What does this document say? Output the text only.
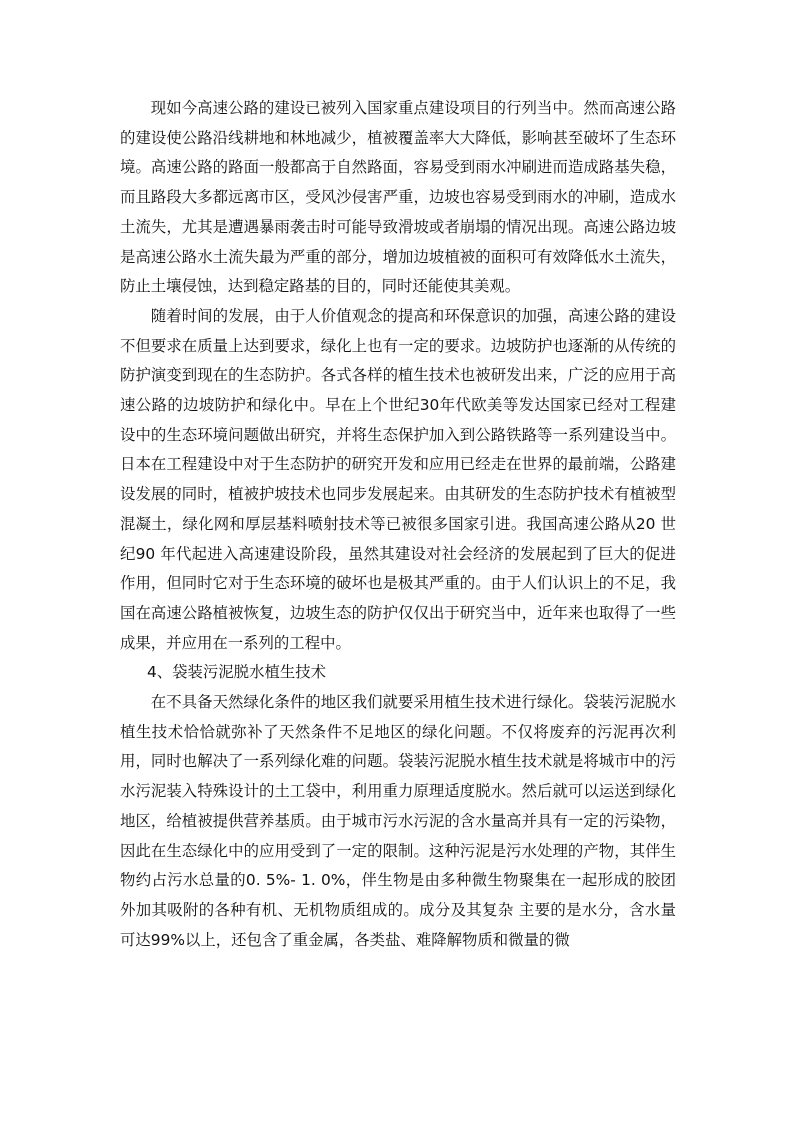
现如今高速公路的建设已被列入国家重点建设项目的行列当中。然而高速公路的建设使公路沿线耕地和林地减少，植被覆盖率大大降低，影响甚至破坏了生态环境。高速公路的路面一般都高于自然路面，容易受到雨水冲刷进而造成路基失稳，而且路段大多都远离市区，受风沙侵害严重，边坡也容易受到雨水的冲刷，造成水土流失，尤其是遭遇暴雨袭击时可能导致滑坡或者崩塌的情况出现。高速公路边坡是高速公路水土流失最为严重的部分，增加边坡植被的面积可有效降低水土流失，防止土壤侵蚀，达到稳定路基的目的，同时还能使其美观。

随着时间的发展，由于人价值观念的提高和环保意识的加强，高速公路的建设不但要求在质量上达到要求，绿化上也有一定的要求。边坡防护也逐渐的从传统的防护演变到现在的生态防护。各式各样的植生技术也被研发出来，广泛的应用于高速公路的边坡防护和绿化中。早在上个世纪30年代欧美等发达国家已经对工程建设中的生态环境问题做出研究，并将生态保护加入到公路铁路等一系列建设当中。日本在工程建设中对于生态防护的研究开发和应用已经走在世界的最前端，公路建设发展的同时，植被护坡技术也同步发展起来。由其研发的生态防护技术有植被型混凝土，绿化网和厚层基料喷射技术等已被很多国家引进。我国高速公路从20 世纪90 年代起进入高速建设阶段，虽然其建设对社会经济的发展起到了巨大的促进作用，但同时它对于生态环境的破坏也是极其严重的。由于人们认识上的不足，我国在高速公路植被恢复，边坡生态的防护仅仅出于研究当中，近年来也取得了一些成果，并应用在一系列的工程中。

4、袋装污泥脱水植生技术

在不具备天然绿化条件的地区我们就要采用植生技术进行绿化。袋装污泥脱水植生技术恰恰就弥补了天然条件不足地区的绿化问题。不仅将废弃的污泥再次利用，同时也解决了一系列绿化难的问题。袋装污泥脱水植生技术就是将城市中的污水污泥装入特殊设计的土工袋中，利用重力原理适度脱水。然后就可以运送到绿化地区，给植被提供营养基质。由于城市污水污泥的含水量高并具有一定的污染物，因此在生态绿化中的应用受到了一定的限制。这种污泥是污水处理的产物，其伴生物约占污水总量的0. 5%- 1. 0%，伴生物是由多种微生物聚集在一起形成的胶团外加其吸附的各种有机、无机物质组成的。成分及其复杂 主要的是水分，含水量可达99%以上，还包含了重金属，各类盐、难降解物质和微量的微
